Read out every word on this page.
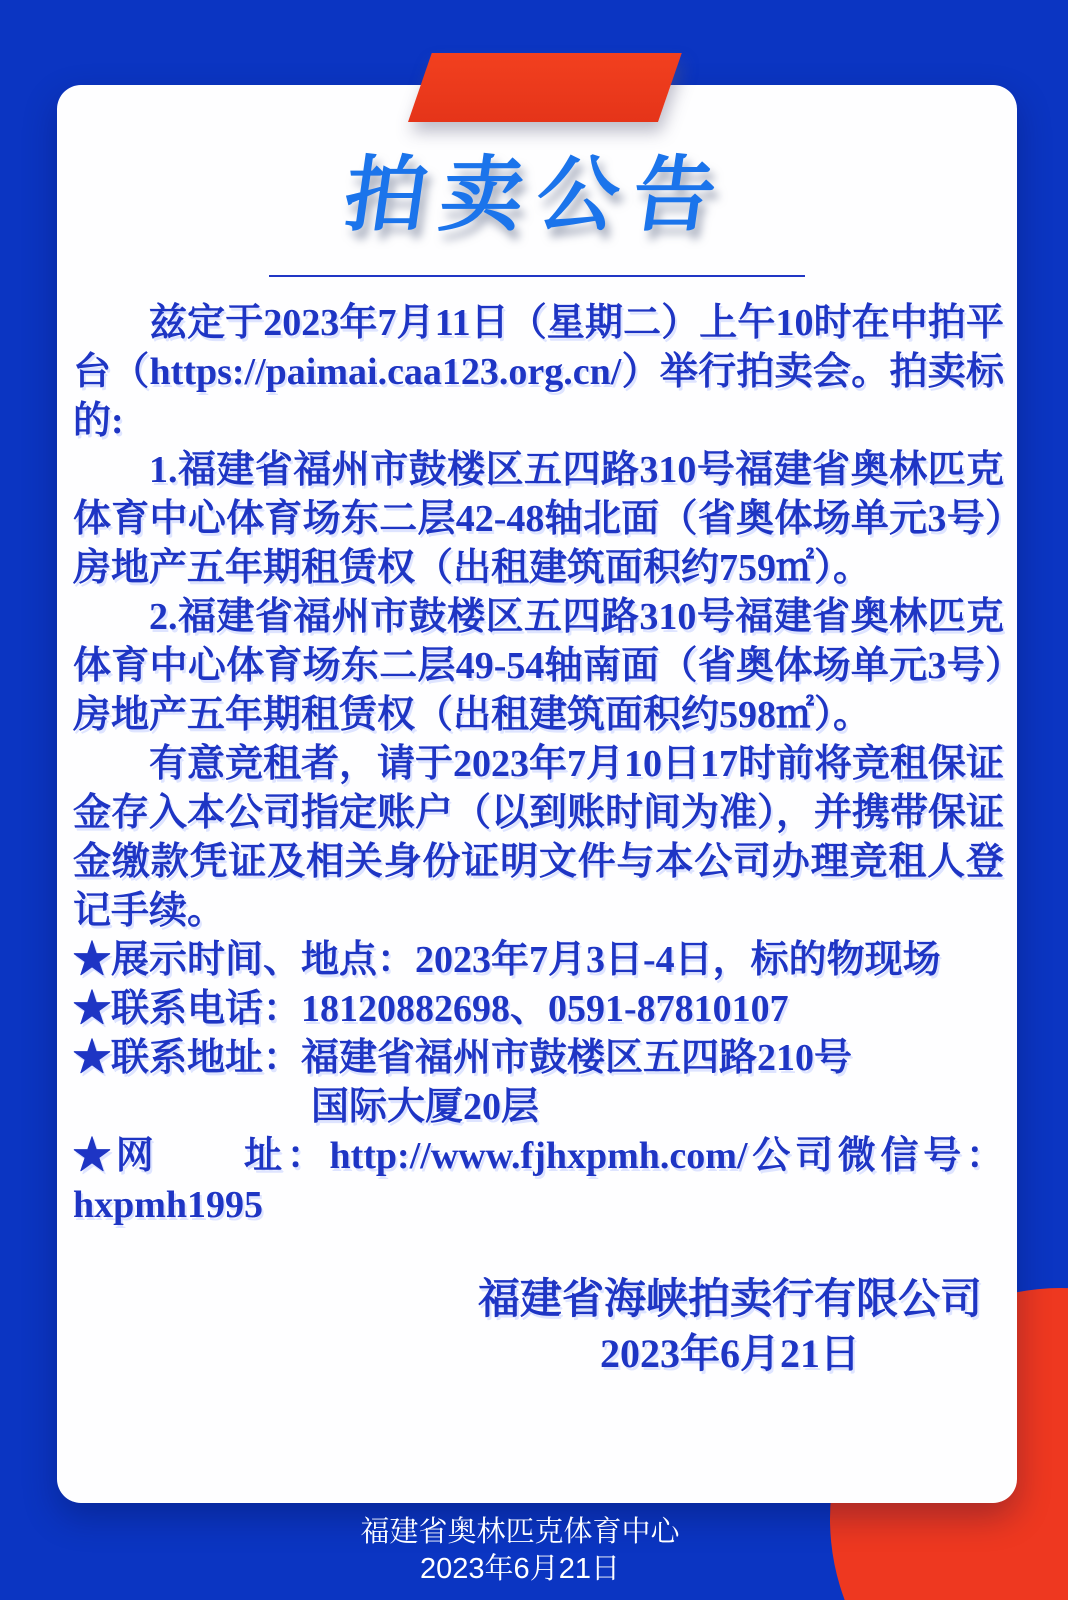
拍卖公告

兹定于2023年7月11日（星期二）上午10时在中拍平台（https://paimai.caa123.org.cn/）举行拍卖会。拍卖标的:

1.福建省福州市鼓楼区五四路310号福建省奥林匹克体育中心体育场东二层42-48轴北面（省奥体场单元3号）房地产五年期租赁权（出租建筑面积约759㎡）。

2.福建省福州市鼓楼区五四路310号福建省奥林匹克体育中心体育场东二层49-54轴南面（省奥体场单元3号）房地产五年期租赁权（出租建筑面积约598㎡）。

有意竞租者，请于2023年7月10日17时前将竞租保证金存入本公司指定账户（以到账时间为准），并携带保证金缴款凭证及相关身份证明文件与本公司办理竞租人登记手续。

★展示时间、地点：2023年7月3日-4日，标的物现场

★联系电话：18120882698、0591-87810107

★联系地址：福建省福州市鼓楼区五四路210号

国际大厦20层

★网　　址：http://www.fjhxpmh.com/公司微信号：hxpmh1995

福建省海峡拍卖行有限公司
2023年6月21日
福建省奥林匹克体育中心
2023年6月21日
